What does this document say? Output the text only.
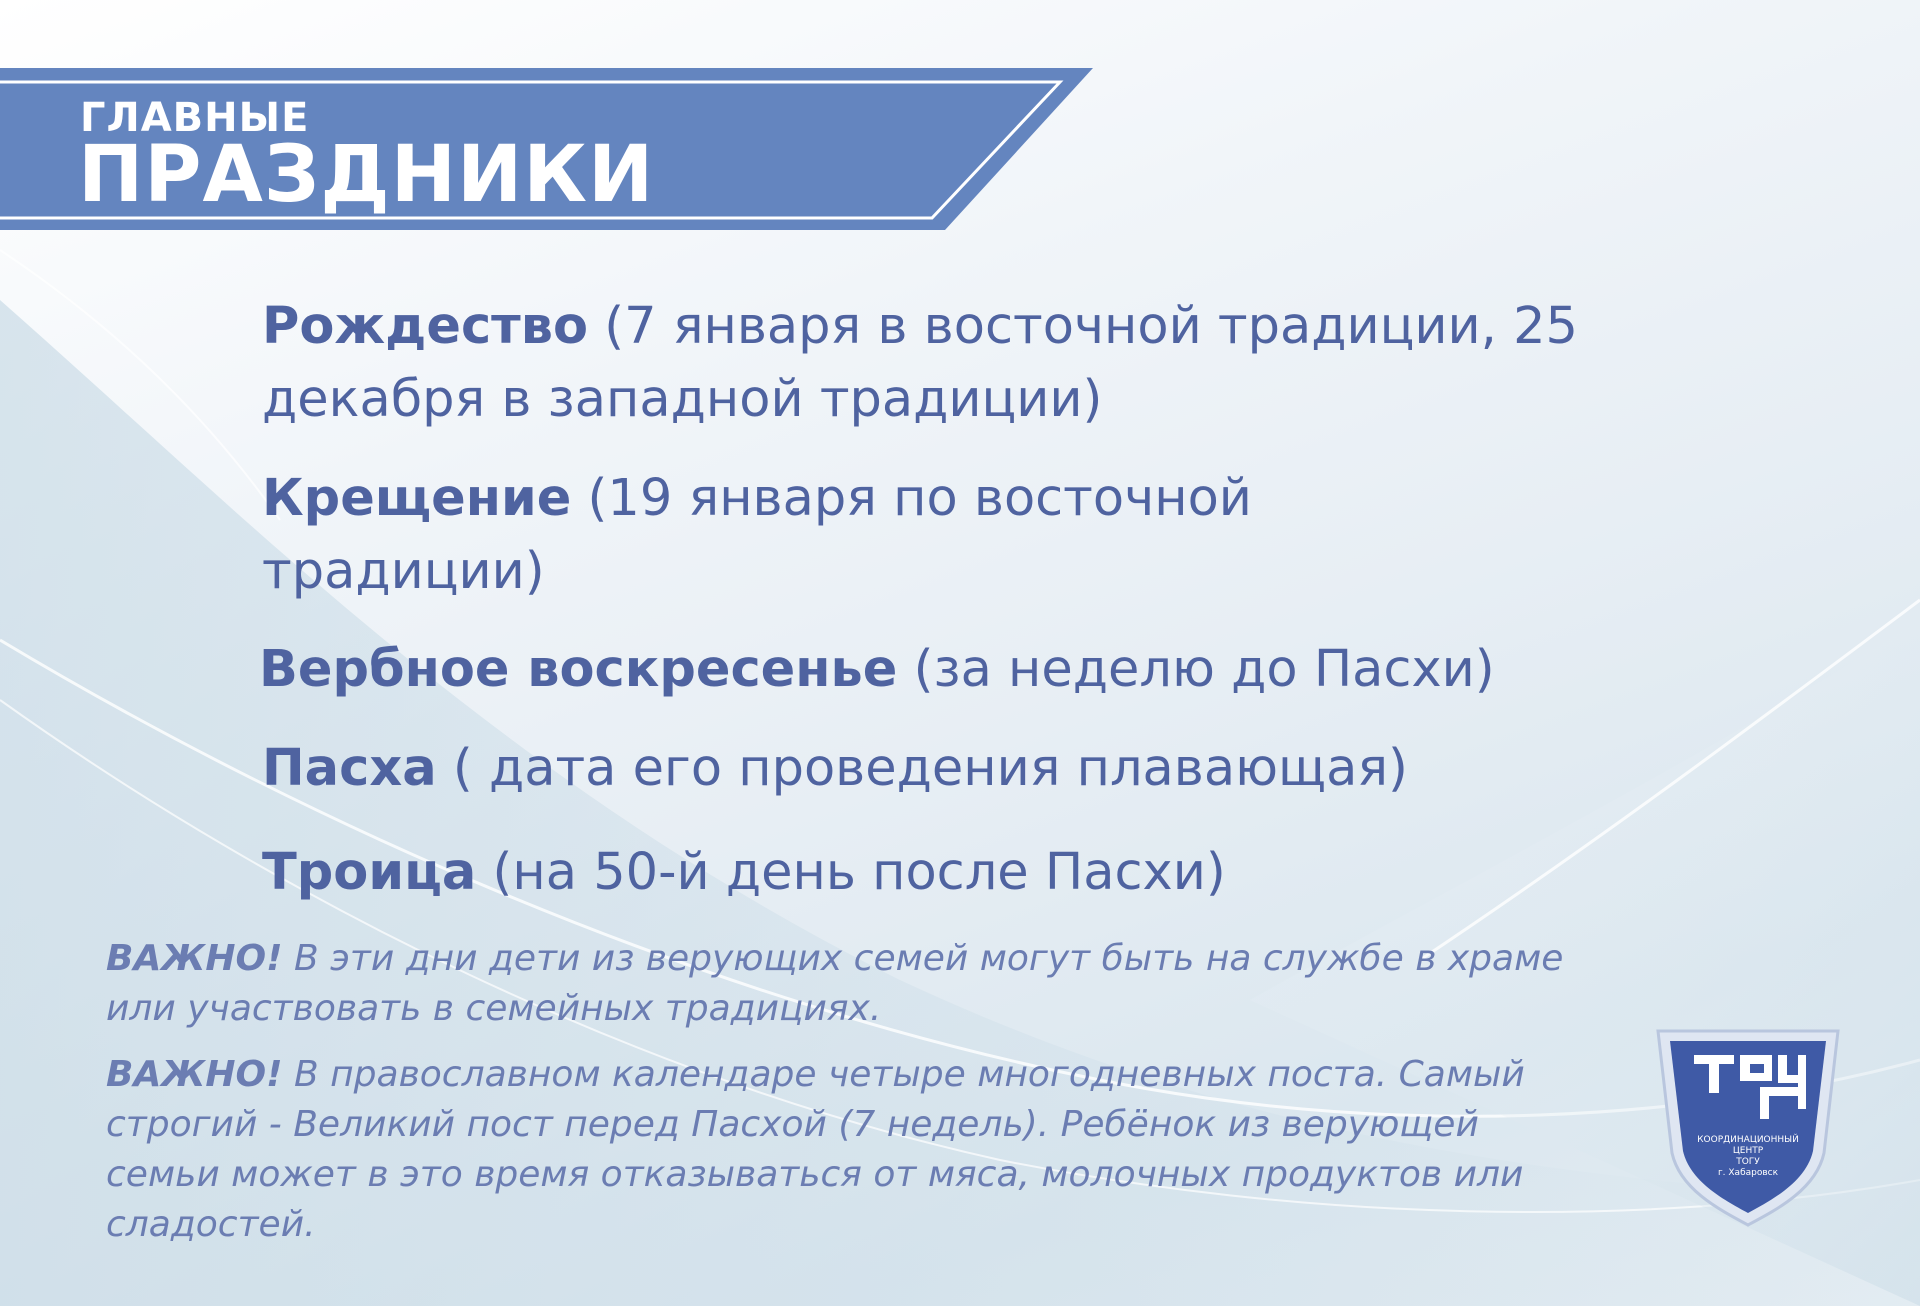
ГЛАВНЫЕ
ПРАЗДНИКИ
Рождество (7 января в восточной традиции, 25 декабря в западной традиции)
Крещение (19 января по восточной традиции)
Вербное воскресенье (за неделю до Пасхи)
Пасха ( дата его проведения плавающая)
Троица (на 50-й день после Пасхи)
ВАЖНО! В эти дни дети из верующих семей могут быть на службе в храме или участвовать в семейных традициях.
ВАЖНО! В православном календаре четыре многодневных поста. Самый строгий - Великий пост перед Пасхой (7 недель). Ребёнок из верующей семьи может в это время отказываться от мяса, молочных продуктов или сладостей.
КООРДИНАЦИОННЫЙ
ЦЕНТР
ТОГУ
г. Хабаровск
